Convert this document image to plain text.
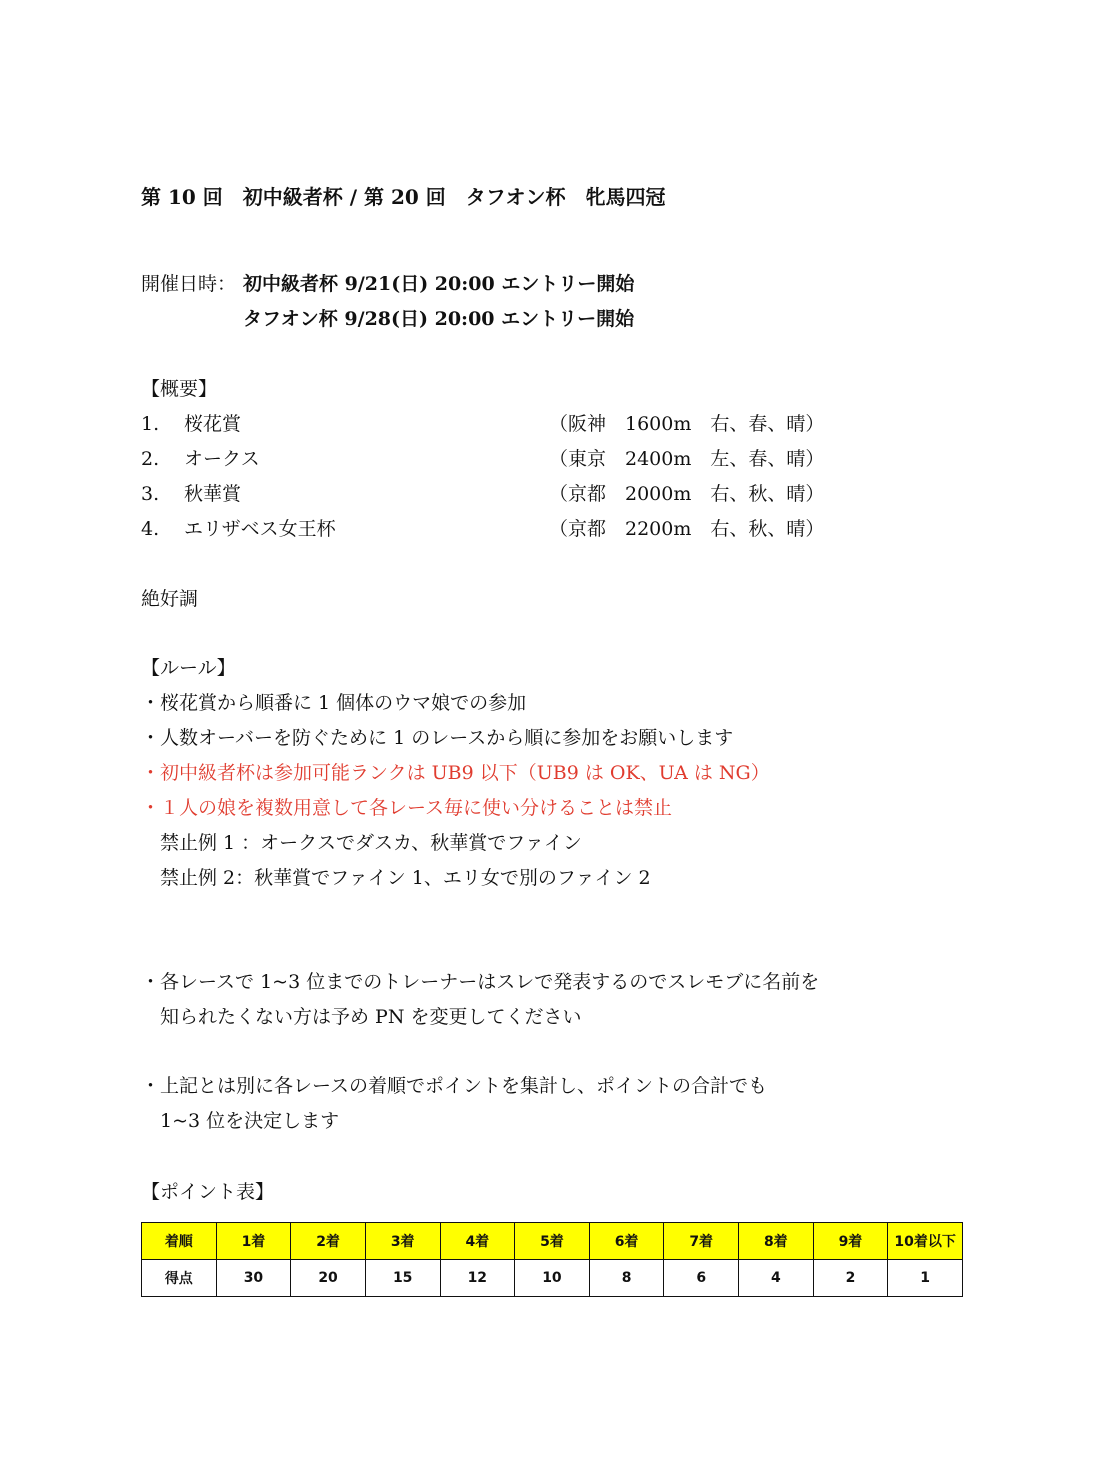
第 10 回　初中級者杯 / 第 20 回　タフオン杯　牝馬四冠
開催日時： 初中級者杯 9/21(日) 20:00 エントリー開始
タフオン杯 9/28(日) 20:00 エントリー開始
【概要】
1. 桜花賞	（阪神　1600m　右、春、晴）
2. オークス	（東京　2400m　左、春、晴）
3. 秋華賞	（京都　2000m　右、秋、晴）
4. エリザベス女王杯	（京都　2200m　右、秋、晴）
絶好調
【ルール】
・桜花賞から順番に 1 個体のウマ娘での参加
・人数オーバーを防ぐために 1 のレースから順に参加をお願いします
・初中級者杯は参加可能ランクは UB9 以下（UB9 は OK、UA は NG）
・１人の娘を複数用意して各レース毎に使い分けることは禁止
　禁止例 1 ：オークスでダスカ、秋華賞でファイン
　禁止例 2：秋華賞でファイン 1、エリ女で別のファイン 2
・各レースで 1~3 位までのトレーナーはスレで発表するのでスレモブに名前を
　知られたくない方は予め PN を変更してください
・上記とは別に各レースの着順でポイントを集計し、ポイントの合計でも
　1~3 位を決定します
【ポイント表】
着順	1着	2着	3着	4着	5着	6着	7着	8着	9着	10着以下
得点	30	20	15	12	10	8	6	4	2	1
